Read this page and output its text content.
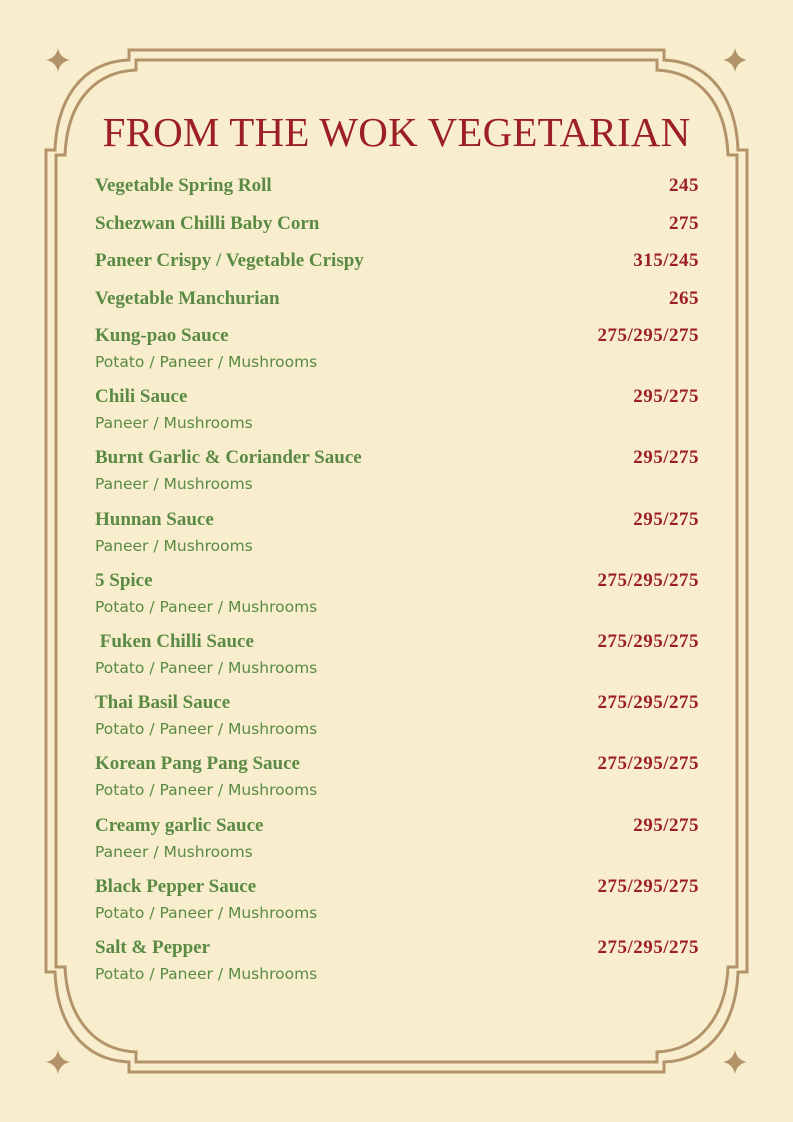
FROM THE WOK VEGETARIAN
Vegetable Spring Roll	245
Schezwan Chilli Baby Corn	275
Paneer Crispy / Vegetable Crispy	315/245
Vegetable Manchurian	265
Kung-pao Sauce	275/295/275
Potato / Paneer / Mushrooms
Chili Sauce	295/275
Paneer / Mushrooms
Burnt Garlic & Coriander Sauce	295/275
Paneer / Mushrooms
Hunnan Sauce	295/275
Paneer / Mushrooms
5 Spice	275/295/275
Potato / Paneer / Mushrooms
Fuken Chilli Sauce	275/295/275
Potato / Paneer / Mushrooms
Thai Basil Sauce	275/295/275
Potato / Paneer / Mushrooms
Korean Pang Pang Sauce	275/295/275
Potato / Paneer / Mushrooms
Creamy garlic Sauce	295/275
Paneer / Mushrooms
Black Pepper Sauce	275/295/275
Potato / Paneer / Mushrooms
Salt & Pepper	275/295/275
Potato / Paneer / Mushrooms
